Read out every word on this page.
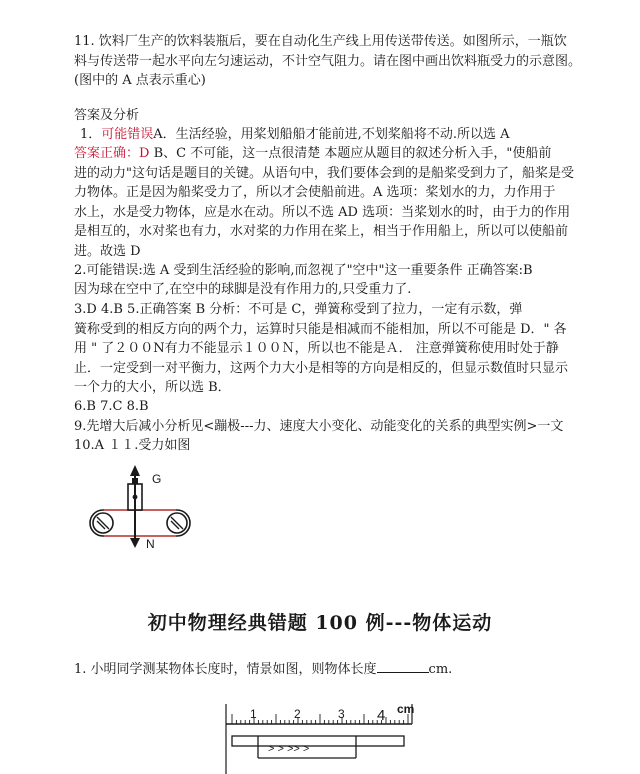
11. 饮料厂生产的饮料装瓶后，要在自动化生产线上用传送带传送。如图所示，一瓶饮
料与传送带一起水平向左匀速运动，不计空气阻力。请在图中画出饮料瓶受力的示意图。
(图中的 A 点表示重心)
答案及分析
1．可能错误A．生活经验，用桨划船船才能前进,不划桨船将不动.所以选 A
答案正确：D B、C 不可能，这一点很清楚 本题应从题目的叙述分析入手，"使船前
进的动力"这句话是题目的关键。从语句中，我们要体会到的是船桨受到力了，船桨是受
力物体。正是因为船桨受力了，所以才会使船前进。A 选项：桨划水的力，力作用于
水上，水是受力物体，应是水在动。所以不选 AD 选项：当桨划水的时，由于力的作用
是相互的，水对桨也有力，水对桨的力作用在桨上，相当于作用船上，所以可以使船前
进。故选 D
2.可能错误:选 A 受到生活经验的影响,而忽视了"空中"这一重要条件 正确答案:B
因为球在空中了,在空中的球脚是没有作用力的,只受重力了.
3.D 4.B 5.正确答案 B 分析：不可是 C，弹簧称受到了拉力，一定有示数，弹
簧称受到的相反方向的两个力，运算时只能是相减而不能相加，所以不可能是 D．" 各
用 " 了２００N有力不能显示１００Ｎ，所以也不能是Ａ． 注意弹簧称使用时处于静
止．一定受到一对平衡力，这两个力大小是相等的方向是相反的，但显示数值时只显示
一个力的大小，所以选 B．
6.B 7.C 8.B
9.先增大后减小分析见<蹦极---力、速度大小变化、动能变化的关系的典型实例>一文
10.A １１.受力如图
G
N
初中物理经典错题 100 例---物体运动
1. 小明同学测某物体长度时，情景如图，则物体长度	cm.
cm
1	2	3 4
> > >> >
